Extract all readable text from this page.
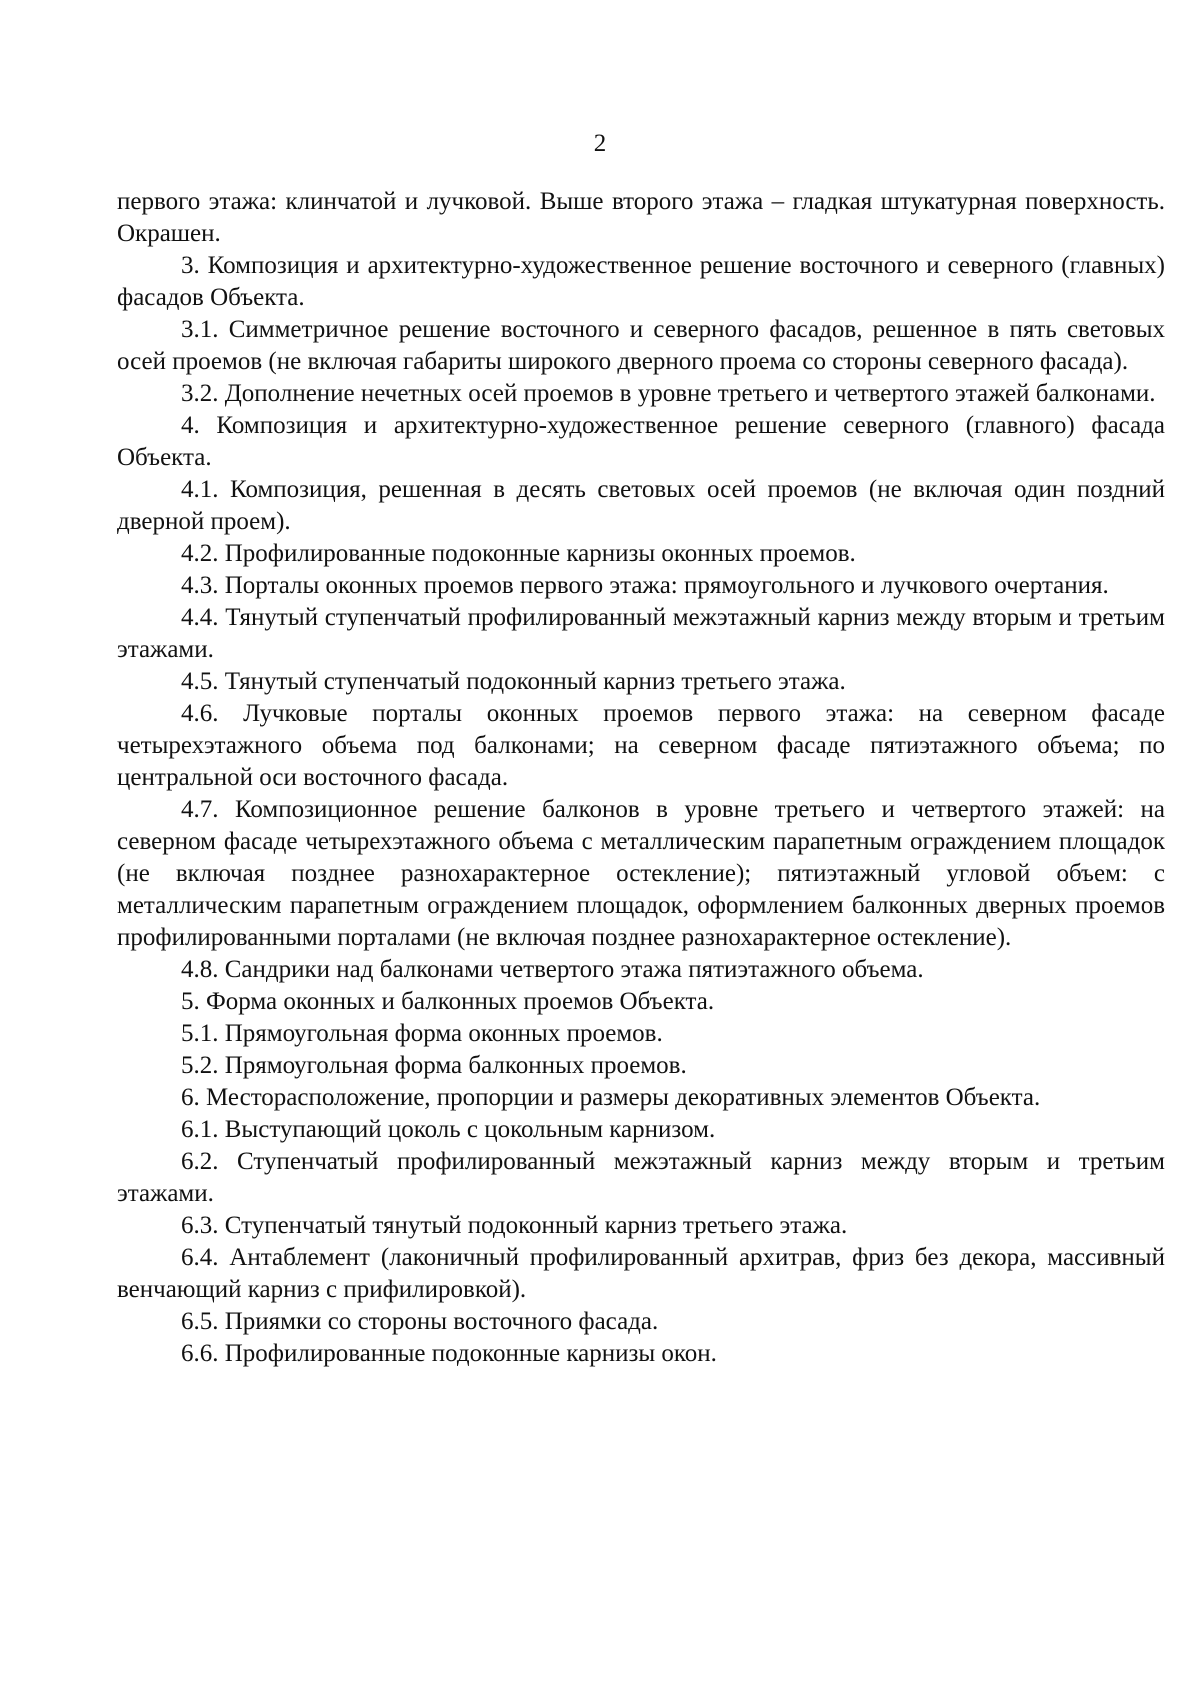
2

первого этажа: клинчатой и лучковой. Выше второго этажа – гладкая штукатурная поверхность. Окрашен.

3. Композиция и архитектурно-художественное решение восточного и северного (главных) фасадов Объекта.

3.1. Симметричное решение восточного и северного фасадов, решенное в пять световых осей проемов (не включая габариты широкого дверного проема со стороны северного фасада).

3.2. Дополнение нечетных осей проемов в уровне третьего и четвертого этажей балконами.

4. Композиция и архитектурно-художественное решение северного (главного) фасада Объекта.

4.1. Композиция, решенная в десять световых осей проемов (не включая один поздний дверной проем).

4.2. Профилированные подоконные карнизы оконных проемов.

4.3. Порталы оконных проемов первого этажа: прямоугольного и лучкового очертания.

4.4. Тянутый ступенчатый профилированный межэтажный карниз между вторым и третьим этажами.

4.5. Тянутый ступенчатый подоконный карниз третьего этажа.

4.6. Лучковые порталы оконных проемов первого этажа: на северном фасаде четырехэтажного объема под балконами; на северном фасаде пятиэтажного объема; по центральной оси восточного фасада.

4.7. Композиционное решение балконов в уровне третьего и четвертого этажей: на северном фасаде четырехэтажного объема с металлическим парапетным ограждением площадок (не включая позднее разнохарактерное остекление); пятиэтажный угловой объем: с металлическим парапетным ограждением площадок, оформлением балконных дверных проемов профилированными порталами (не включая позднее разнохарактерное остекление).

4.8. Сандрики над балконами четвертого этажа пятиэтажного объема.

5. Форма оконных и балконных проемов Объекта.

5.1. Прямоугольная форма оконных проемов.

5.2. Прямоугольная форма балконных проемов.

6. Месторасположение, пропорции и размеры декоративных элементов Объекта.

6.1. Выступающий цоколь с цокольным карнизом.

6.2. Ступенчатый профилированный межэтажный карниз между вторым и третьим этажами.

6.3. Ступенчатый тянутый подоконный карниз третьего этажа.

6.4. Антаблемент (лаконичный профилированный архитрав, фриз без декора, массивный венчающий карниз с прифилировкой).

6.5. Приямки со стороны восточного фасада.

6.6. Профилированные подоконные карнизы окон.
